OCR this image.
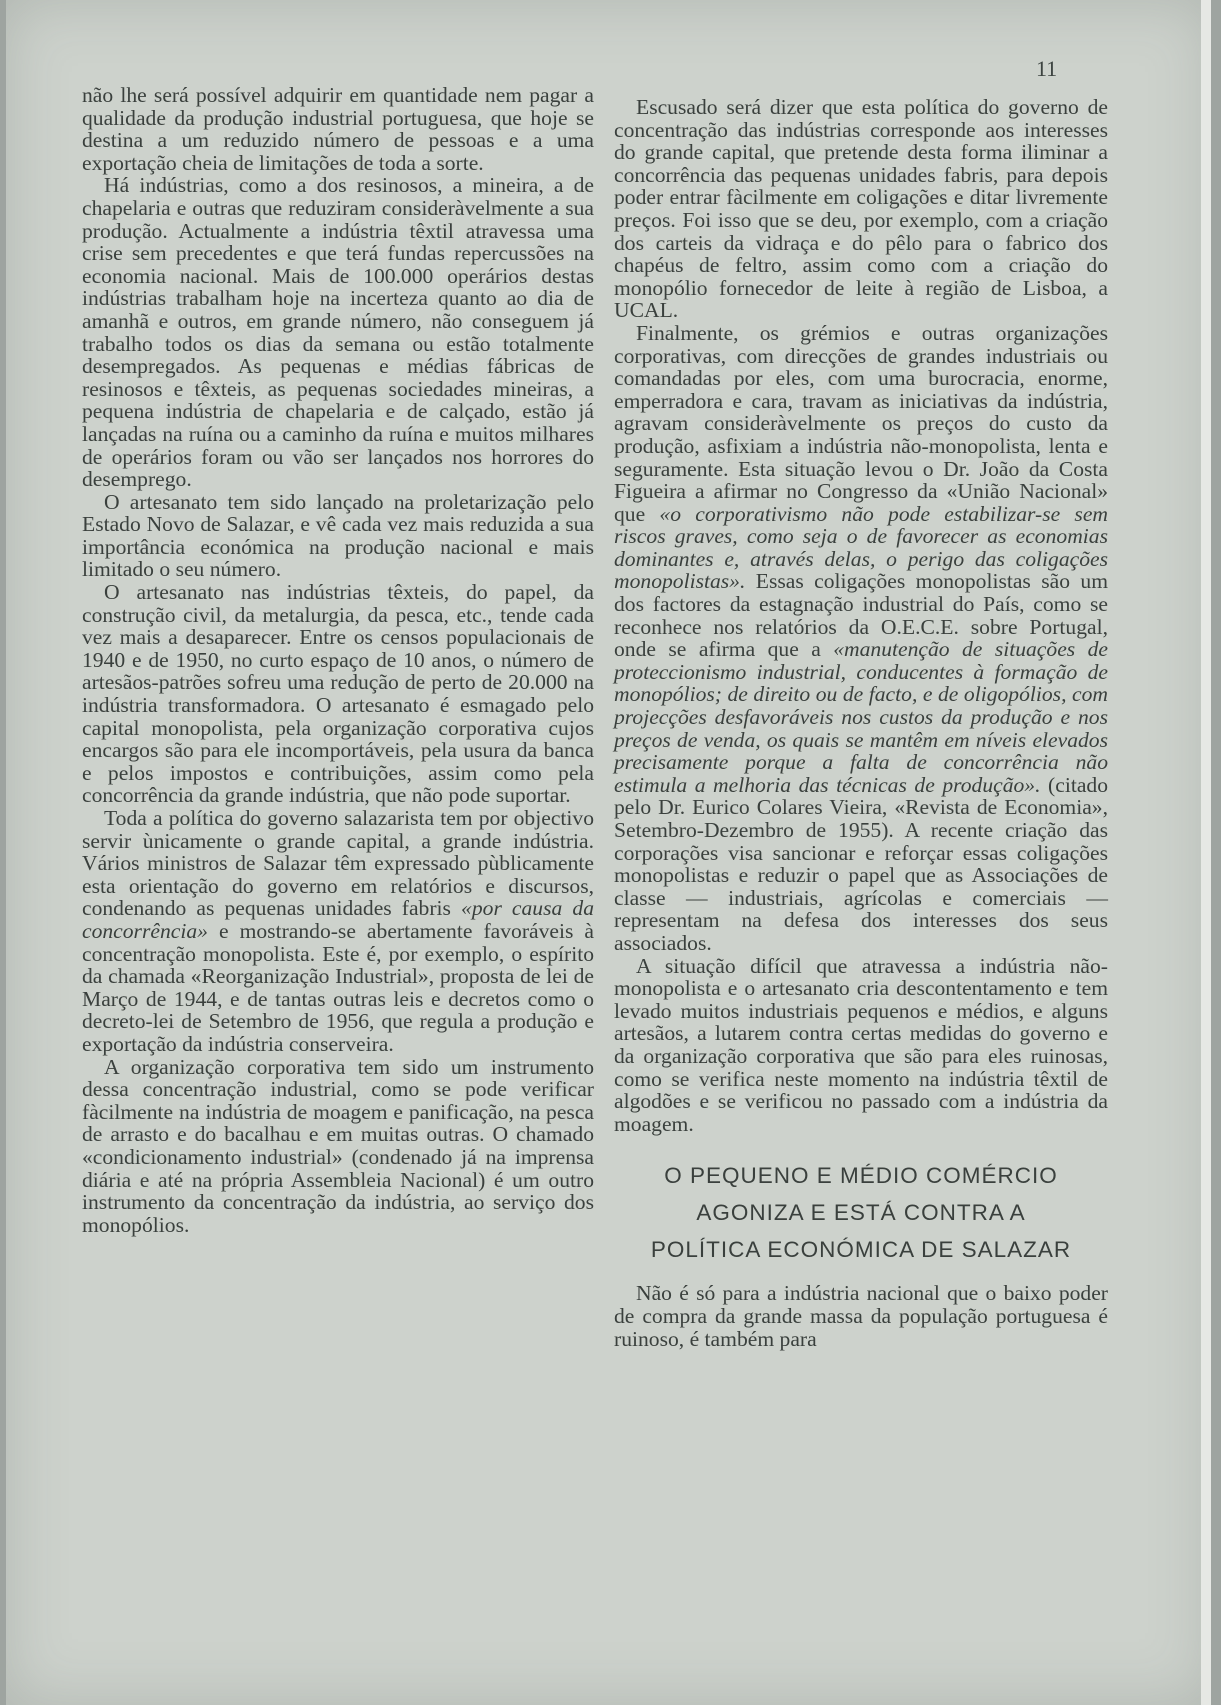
11

não lhe será possível adquirir em quantidade nem pagar a qualidade da produção industrial portuguesa, que hoje se destina a um reduzido número de pessoas e a uma exportação cheia de limitações de toda a sorte.

Há indústrias, como a dos resinosos, a mineira, a de chapelaria e outras que reduziram consideràvelmente a sua produção. Actualmente a indústria têxtil atravessa uma crise sem precedentes e que terá fundas repercussões na economia nacional. Mais de 100.000 operários destas indústrias trabalham hoje na incerteza quanto ao dia de amanhã e outros, em grande número, não conseguem já trabalho todos os dias da semana ou estão totalmente desempregados. As pequenas e médias fábricas de resinosos e têxteis, as pequenas sociedades mineiras, a pequena indústria de chapelaria e de calçado, estão já lançadas na ruína ou a caminho da ruína e muitos milhares de operários foram ou vão ser lançados nos horrores do desemprego.

O artesanato tem sido lançado na proletarização pelo Estado Novo de Salazar, e vê cada vez mais reduzida a sua importância económica na produção nacional e mais limitado o seu número.

O artesanato nas indústrias têxteis, do papel, da construção civil, da metalurgia, da pesca, etc., tende cada vez mais a desaparecer. Entre os censos populacionais de 1940 e de 1950, no curto espaço de 10 anos, o número de artesãos-patrões sofreu uma redução de perto de 20.000 na indústria transformadora. O artesanato é esmagado pelo capital monopolista, pela organização corporativa cujos encargos são para ele incomportáveis, pela usura da banca e pelos impostos e contribuições, assim como pela concorrência da grande indústria, que não pode suportar.

Toda a política do governo salazarista tem por objectivo servir ùnicamente o grande capital, a grande indústria. Vários ministros de Salazar têm expressado pùblicamente esta orientação do governo em relatórios e discursos, condenando as pequenas unidades fabris «por causa da concorrência» e mostrando-se abertamente favoráveis à concentração monopolista. Este é, por exemplo, o espírito da chamada «Reorganização Industrial», proposta de lei de Março de 1944, e de tantas outras leis e decretos como o decreto-lei de Setembro de 1956, que regula a produção e exportação da indústria conserveira.

A organização corporativa tem sido um instrumento dessa concentração industrial, como se pode verificar fàcilmente na indústria de moagem e panificação, na pesca de arrasto e do bacalhau e em muitas outras. O chamado «condicionamento industrial» (condenado já na imprensa diária e até na própria Assembleia Nacional) é um outro instrumento da concentração da indústria, ao serviço dos monopólios.

Escusado será dizer que esta política do governo de concentração das indústrias corresponde aos interesses do grande capital, que pretende desta forma iliminar a concorrência das pequenas unidades fabris, para depois poder entrar fàcilmente em coligações e ditar livremente preços. Foi isso que se deu, por exemplo, com a criação dos carteis da vidraça e do pêlo para o fabrico dos chapéus de feltro, assim como com a criação do monopólio fornecedor de leite à região de Lisboa, a UCAL.

Finalmente, os grémios e outras organizações corporativas, com direcções de grandes industriais ou comandadas por eles, com uma burocracia, enorme, emperradora e cara, travam as iniciativas da indústria, agravam consideràvelmente os preços do custo da produção, asfixiam a indústria não-monopolista, lenta e seguramente. Esta situação levou o Dr. João da Costa Figueira a afirmar no Congresso da «União Nacional» que «o corporativismo não pode estabilizar-se sem riscos graves, como seja o de favorecer as economias dominantes e, através delas, o perigo das coligações monopolistas». Essas coligações monopolistas são um dos factores da estagnação industrial do País, como se reconhece nos relatórios da O.E.C.E. sobre Portugal, onde se afirma que a «manutenção de situações de proteccionismo industrial, conducentes à formação de monopólios; de direito ou de facto, e de oligopólios, com projecções desfavoráveis nos custos da produção e nos preços de venda, os quais se mantêm em níveis elevados precisamente porque a falta de concorrência não estimula a melhoria das técnicas de produção». (citado pelo Dr. Eurico Colares Vieira, «Revista de Economia», Setembro-Dezembro de 1955). A recente criação das corporações visa sancionar e reforçar essas coligações monopolistas e reduzir o papel que as Associações de classe — industriais, agrícolas e comerciais — representam na defesa dos interesses dos seus associados.

A situação difícil que atravessa a indústria não-monopolista e o artesanato cria descontentamento e tem levado muitos industriais pequenos e médios, e alguns artesãos, a lutarem contra certas medidas do governo e da organização corporativa que são para eles ruinosas, como se verifica neste momento na indústria têxtil de algodões e se verificou no passado com a indústria da moagem.

O PEQUENO E MÉDIO COMÉRCIO
AGONIZA E ESTÁ CONTRA A
POLÍTICA ECONÓMICA DE SALAZAR

Não é só para a indústria nacional que o baixo poder de compra da grande massa da população portuguesa é ruinoso, é também para
